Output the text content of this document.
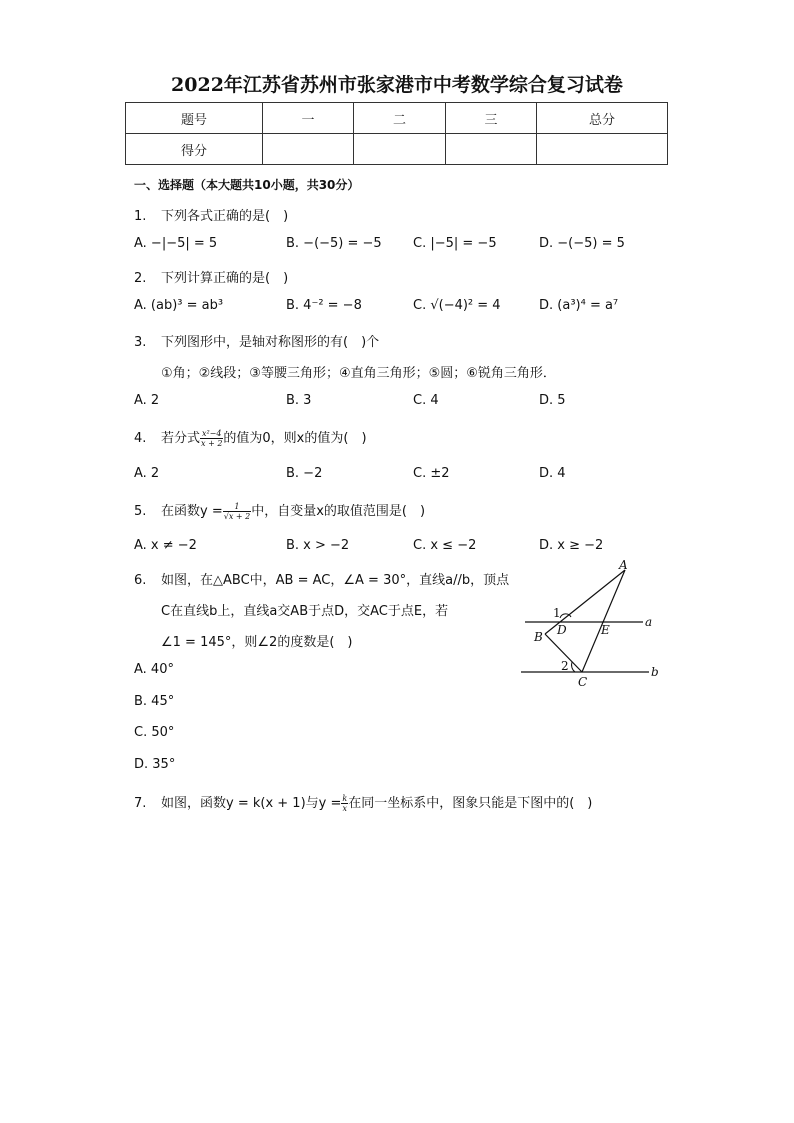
2022年江苏省苏州市张家港市中考数学综合复习试卷
题号	一	二	三	总分
得分				
一、选择题（本大题共10小题，共30分）
1. 下列各式正确的是(　)
A. −|−5| = 5	B. −(−5) = −5 C. |−5| = −5	D. −(−5) = 5
2. 下列计算正确的是(　)
A. (ab)³ = ab³	B. 4⁻² = −8	C. √(−4)² = 4	D. (a³)⁴ = a⁷
3. 下列图形中，是轴对称图形的有(　)个
①角；②线段；③等腰三角形；④直角三角形；⑤圆；⑥锐角三角形．
A. 2	B. 3	C. 4	D. 5
4. 若分式 $\frac{\text{x²−4}}{x + 2}$ 的值为0，则x的值为(　)
A. 2	B. −2	C. ±2	D. 4
5. 在函数$y = \frac{1}{√x + 2}$ 中，自变量x的取值范围是(　)
A. x ≠ −2	B. x > −2	C. x ≤ −2	D. x ≥ −2
6. 如图，在△ABC中，AB = AC，∠A = 30°，直线a//b，顶点
C在直线b上，直线a交AB于点D，交AC于点E，若
∠1 = 145°，则∠2的度数是(　)
A. 40°
B. 45°
C. 50°
D. 35°
A
1
D	E
a
B
2
C
b
7. 如图，函数y = k(x + 1)与$y = \frac{k}{x}$ 在同一坐标系中，图象只能是下图中的(　)
